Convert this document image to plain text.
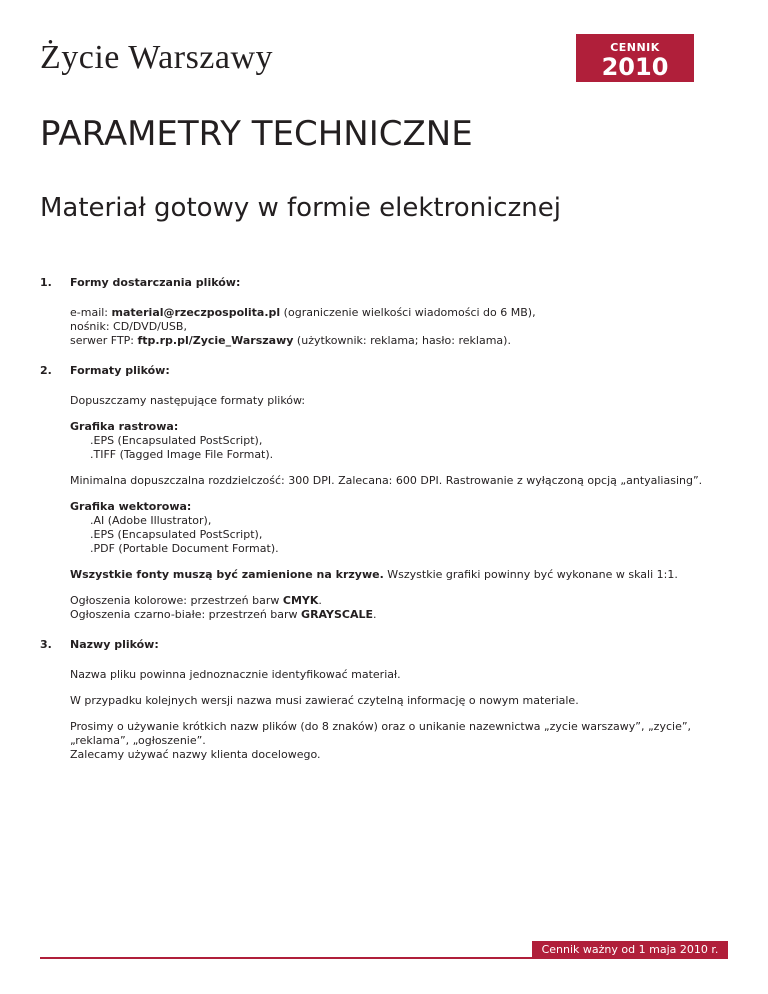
Życie Warszawy	CENNIK
2010
PARAMETRY TECHNICZNE
Materiał gotowy w formie elektronicznej
1. Formy dostarczania plików:

e-mail: material@rzeczpospolita.pl (ograniczenie wielkości wiadomości do 6 MB),

nośnik: CD/DVD/USB,

serwer FTP: ftp.rp.pl/Zycie_Warszawy (użytkownik: reklama; hasło: reklama).

2. Formaty plików:

Dopuszczamy następujące formaty plików:

Grafika rastrowa:

.EPS (Encapsulated PostScript),

.TIFF (Tagged Image File Format).

Minimalna dopuszczalna rozdzielczość: 300 DPI. Zalecana: 600 DPI. Rastrowanie z wyłączoną opcją „antyaliasing”.

Grafika wektorowa:

.AI (Adobe Illustrator),

.EPS (Encapsulated PostScript),

.PDF (Portable Document Format).

Wszystkie fonty muszą być zamienione na krzywe. Wszystkie grafiki powinny być wykonane w skali 1:1.

Ogłoszenia kolorowe: przestrzeń barw CMYK.

Ogłoszenia czarno-białe: przestrzeń barw GRAYSCALE.

3. Nazwy plików:

Nazwa pliku powinna jednoznacznie identyfikować materiał.

W przypadku kolejnych wersji nazwa musi zawierać czytelną informację o nowym materiale.

Prosimy o używanie krótkich nazw plików (do 8 znaków) oraz o unikanie nazewnictwa „zycie warszawy”, „zycie”, „reklama”, „ogłoszenie”.

Zalecamy używać nazwy klienta docelowego.

Cennik ważny od 1 maja 2010 r.
